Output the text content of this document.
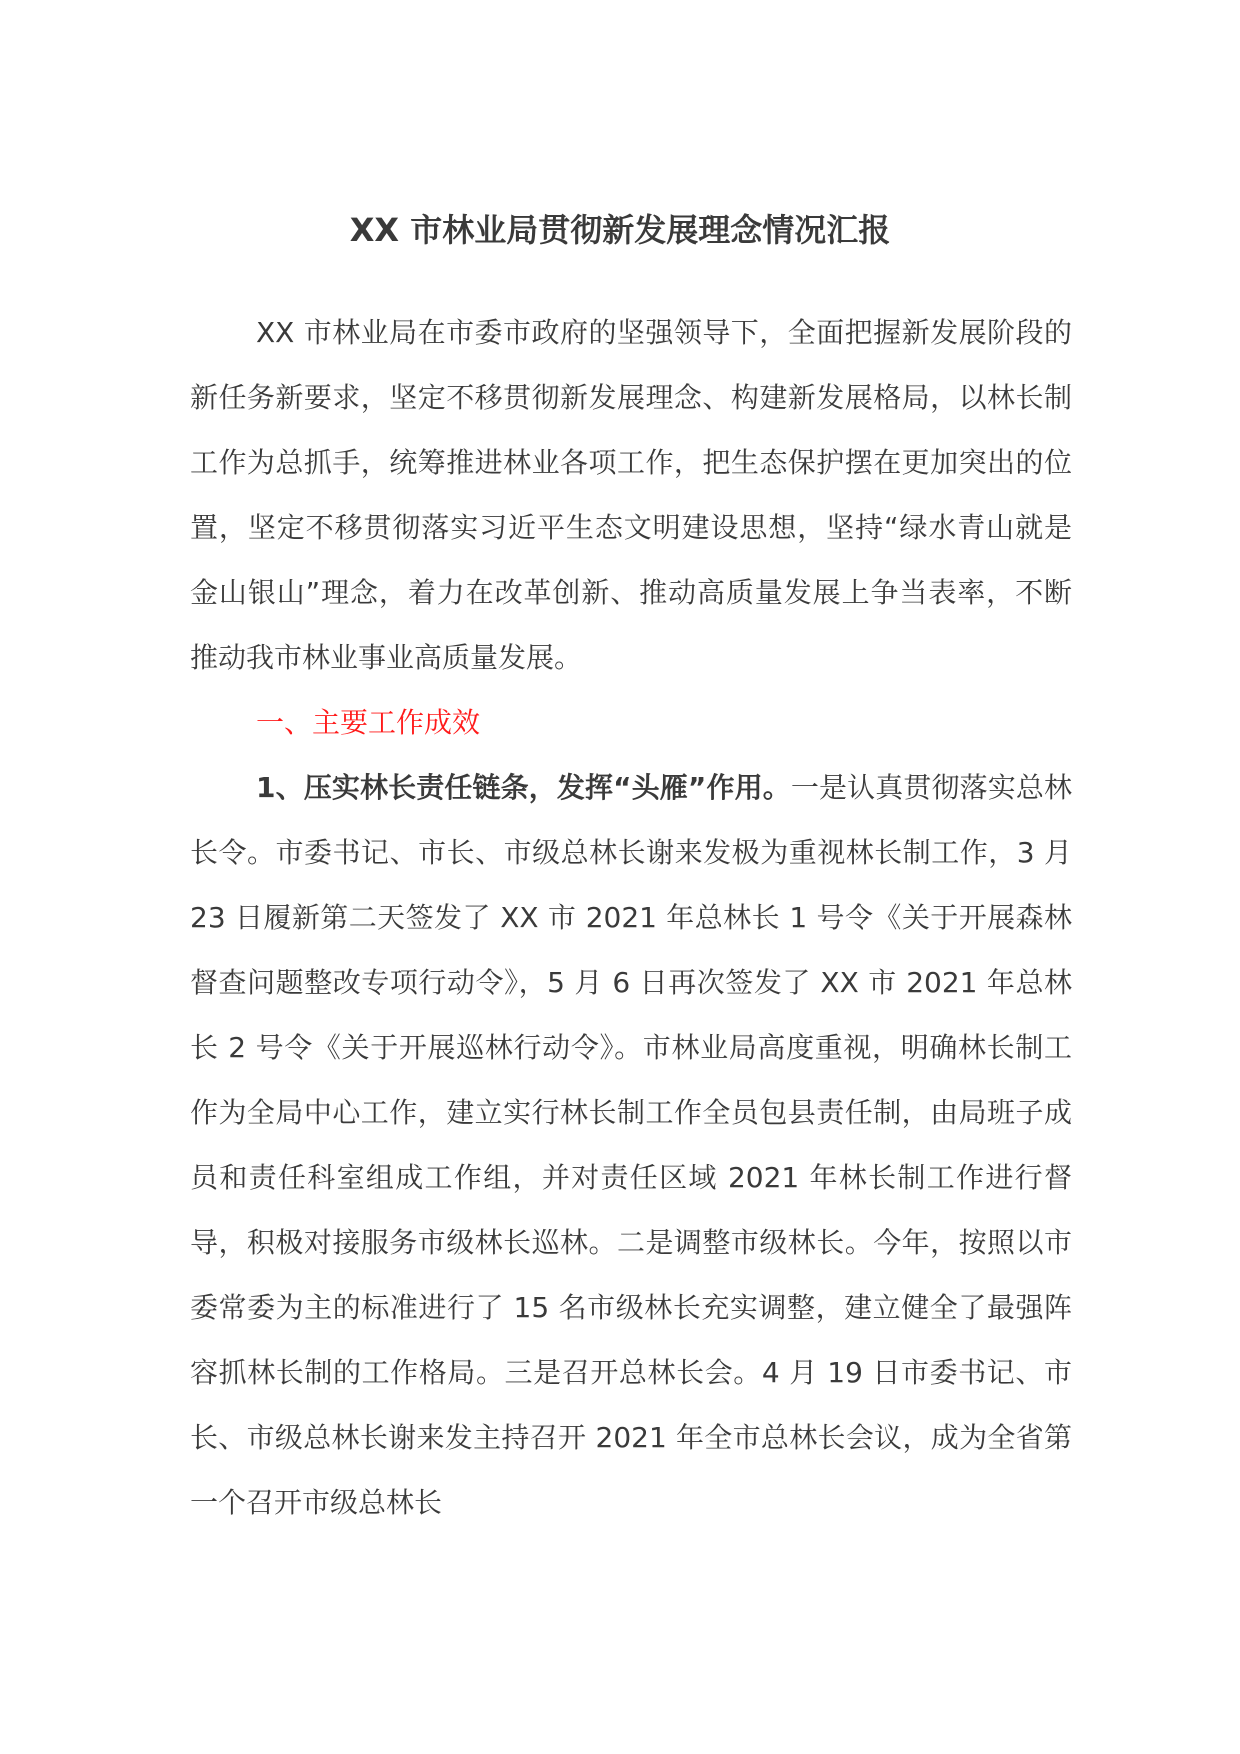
XX 市林业局贯彻新发展理念情况汇报

XX 市林业局在市委市政府的坚强领导下，全面把握新发展阶段的新任务新要求，坚定不移贯彻新发展理念、构建新发展格局，以林长制工作为总抓手，统筹推进林业各项工作，把生态保护摆在更加突出的位置，坚定不移贯彻落实习近平生态文明建设思想，坚持“绿水青山就是金山银山”理念，着力在改革创新、推动高质量发展上争当表率，不断推动我市林业事业高质量发展。

一、主要工作成效

1、压实林长责任链条，发挥“头雁”作用。一是认真贯彻落实总林长令。市委书记、市长、市级总林长谢来发极为重视林长制工作，3 月 23 日履新第二天签发了 XX 市 2021 年总林长 1 号令《关于开展森林督查问题整改专项行动令》，5 月 6 日再次签发了 XX 市 2021 年总林长 2 号令《关于开展巡林行动令》。市林业局高度重视，明确林长制工作为全局中心工作，建立实行林长制工作全员包县责任制，由局班子成员和责任科室组成工作组，并对责任区域 2021 年林长制工作进行督导，积极对接服务市级林长巡林。二是调整市级林长。今年，按照以市委常委为主的标准进行了 15 名市级林长充实调整，建立健全了最强阵容抓林长制的工作格局。三是召开总林长会。4 月 19 日市委书记、市长、市级总林长谢来发主持召开 2021 年全市总林长会议，成为全省第一个召开市级总林长
